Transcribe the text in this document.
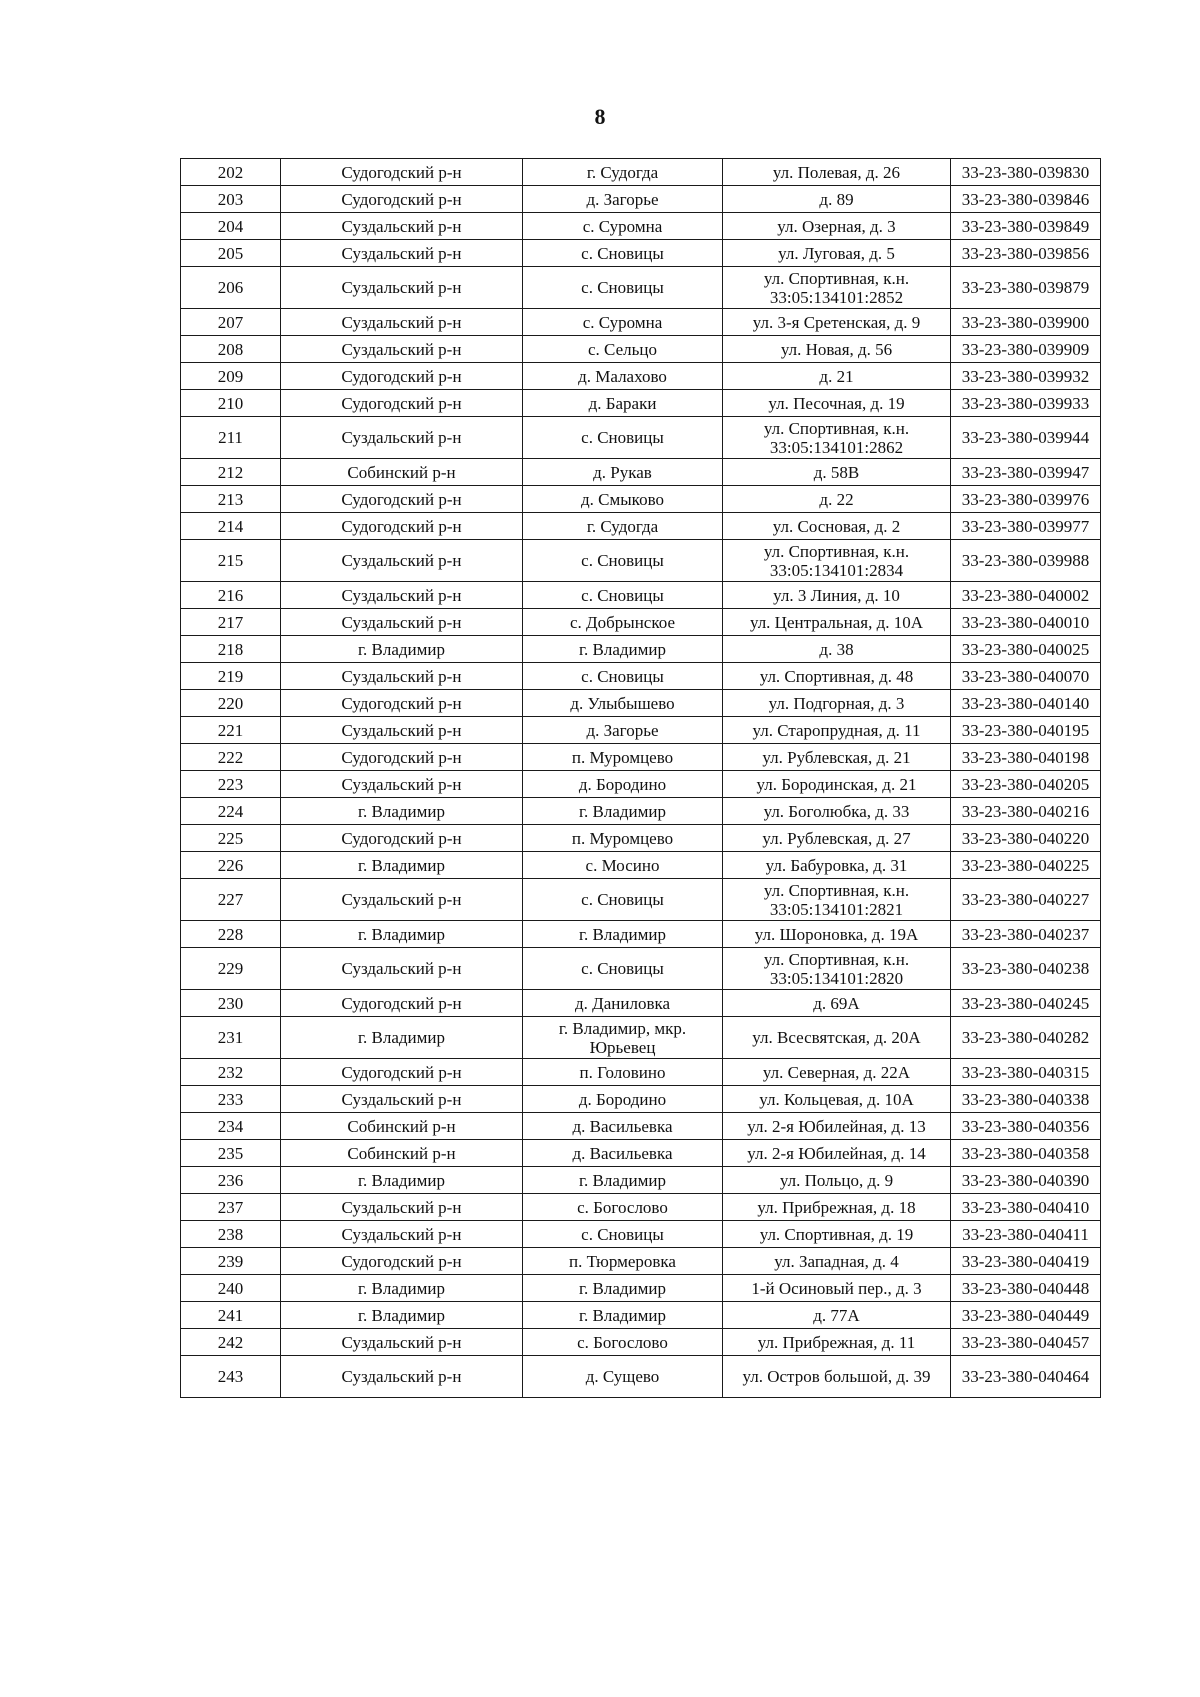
8
202	Судогодский р-н	г. Судогда	ул. Полевая, д. 26	33-23-380-039830
203	Судогодский р-н	д. Загорье	д. 89	33-23-380-039846
204	Суздальский р-н	с. Суромна	ул. Озерная, д. 3	33-23-380-039849
205	Суздальский р-н	с. Сновицы	ул. Луговая, д. 5	33-23-380-039856
206	Суздальский р-н	с. Сновицы	ул. Спортивная, к.н. 33:05:134101:2852	33-23-380-039879
207	Суздальский р-н	с. Суромна	ул. 3-я Сретенская, д. 9	33-23-380-039900
208	Суздальский р-н	с. Сельцо	ул. Новая, д. 56	33-23-380-039909
209	Судогодский р-н	д. Малахово	д. 21	33-23-380-039932
210	Судогодский р-н	д. Бараки	ул. Песочная, д. 19	33-23-380-039933
211	Суздальский р-н	с. Сновицы	ул. Спортивная, к.н. 33:05:134101:2862	33-23-380-039944
212	Собинский р-н	д. Рукав	д. 58В	33-23-380-039947
213	Судогодский р-н	д. Смыково	д. 22	33-23-380-039976
214	Судогодский р-н	г. Судогда	ул. Сосновая, д. 2	33-23-380-039977
215	Суздальский р-н	с. Сновицы	ул. Спортивная, к.н. 33:05:134101:2834	33-23-380-039988
216	Суздальский р-н	с. Сновицы	ул. 3 Линия, д. 10	33-23-380-040002
217	Суздальский р-н	с. Добрынское	ул. Центральная, д. 10А	33-23-380-040010
218	г. Владимир	г. Владимир	д. 38	33-23-380-040025
219	Суздальский р-н	с. Сновицы	ул. Спортивная, д. 48	33-23-380-040070
220	Судогодский р-н	д. Улыбышево	ул. Подгорная, д. 3	33-23-380-040140
221	Суздальский р-н	д. Загорье	ул. Старопрудная, д. 11	33-23-380-040195
222	Судогодский р-н	п. Муромцево	ул. Рублевская, д. 21	33-23-380-040198
223	Суздальский р-н	д. Бородино	ул. Бородинская, д. 21	33-23-380-040205
224	г. Владимир	г. Владимир	ул. Боголюбка, д. 33	33-23-380-040216
225	Судогодский р-н	п. Муромцево	ул. Рублевская, д. 27	33-23-380-040220
226	г. Владимир	с. Мосино	ул. Бабуровка, д. 31	33-23-380-040225
227	Суздальский р-н	с. Сновицы	ул. Спортивная, к.н. 33:05:134101:2821	33-23-380-040227
228	г. Владимир	г. Владимир	ул. Шороновка, д. 19А	33-23-380-040237
229	Суздальский р-н	с. Сновицы	ул. Спортивная, к.н. 33:05:134101:2820	33-23-380-040238
230	Судогодский р-н	д. Даниловка	д. 69А	33-23-380-040245
231	г. Владимир	г. Владимир, мкр. Юрьевец	ул. Всесвятская, д. 20А	33-23-380-040282
232	Судогодский р-н	п. Головино	ул. Северная, д. 22А	33-23-380-040315
233	Суздальский р-н	д. Бородино	ул. Кольцевая, д. 10А	33-23-380-040338
234	Собинский р-н	д. Васильевка	ул. 2-я Юбилейная, д. 13	33-23-380-040356
235	Собинский р-н	д. Васильевка	ул. 2-я Юбилейная, д. 14	33-23-380-040358
236	г. Владимир	г. Владимир	ул. Польцо, д. 9	33-23-380-040390
237	Суздальский р-н	с. Богослово	ул. Прибрежная, д. 18	33-23-380-040410
238	Суздальский р-н	с. Сновицы	ул. Спортивная, д. 19	33-23-380-040411
239	Судогодский р-н	п. Тюрмеровка	ул. Западная, д. 4	33-23-380-040419
240	г. Владимир	г. Владимир	1-й Осиновый пер., д. 3	33-23-380-040448
241	г. Владимир	г. Владимир	д. 77А	33-23-380-040449
242	Суздальский р-н	с. Богослово	ул. Прибрежная, д. 11	33-23-380-040457
243	Суздальский р-н	д. Сущево	ул. Остров большой, д. 39	33-23-380-040464
